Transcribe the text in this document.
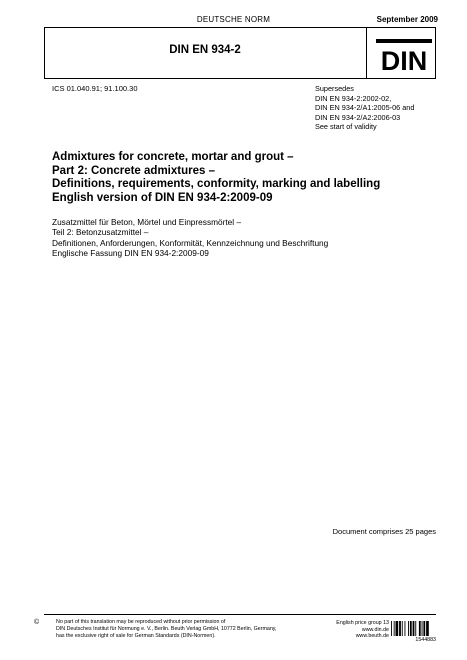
DEUTSCHE NORM	September 2009
DIN EN 934-2	DIN
ICS 01.040.91; 91.100.30	Supersedes
DIN EN 934-2:2002-02,
DIN EN 934-2/A1:2005-06 and
DIN EN 934-2/A2:2006-03
See start of validity
Admixtures for concrete, mortar and grout –
Part 2: Concrete admixtures –
Definitions, requirements, conformity, marking and labelling
English version of DIN EN 934-2:2009-09
Zusatzmittel für Beton, Mörtel und Einpressmörtel –
Teil 2: Betonzusatzmittel –
Definitionen, Anforderungen, Konformität, Kennzeichnung und Beschriftung
Englische Fassung DIN EN 934-2:2009-09
Document comprises 25 pages
©	No part of this translation may be reproduced without prior permission of
DIN Deutsches Institut für Normung e. V., Berlin. Beuth Verlag GmbH, 10772 Berlin, Germany,
has the exclusive right of sale for German Standards (DIN-Normen).
English price group 13
www.din.de
www.beuth.de
1544883
